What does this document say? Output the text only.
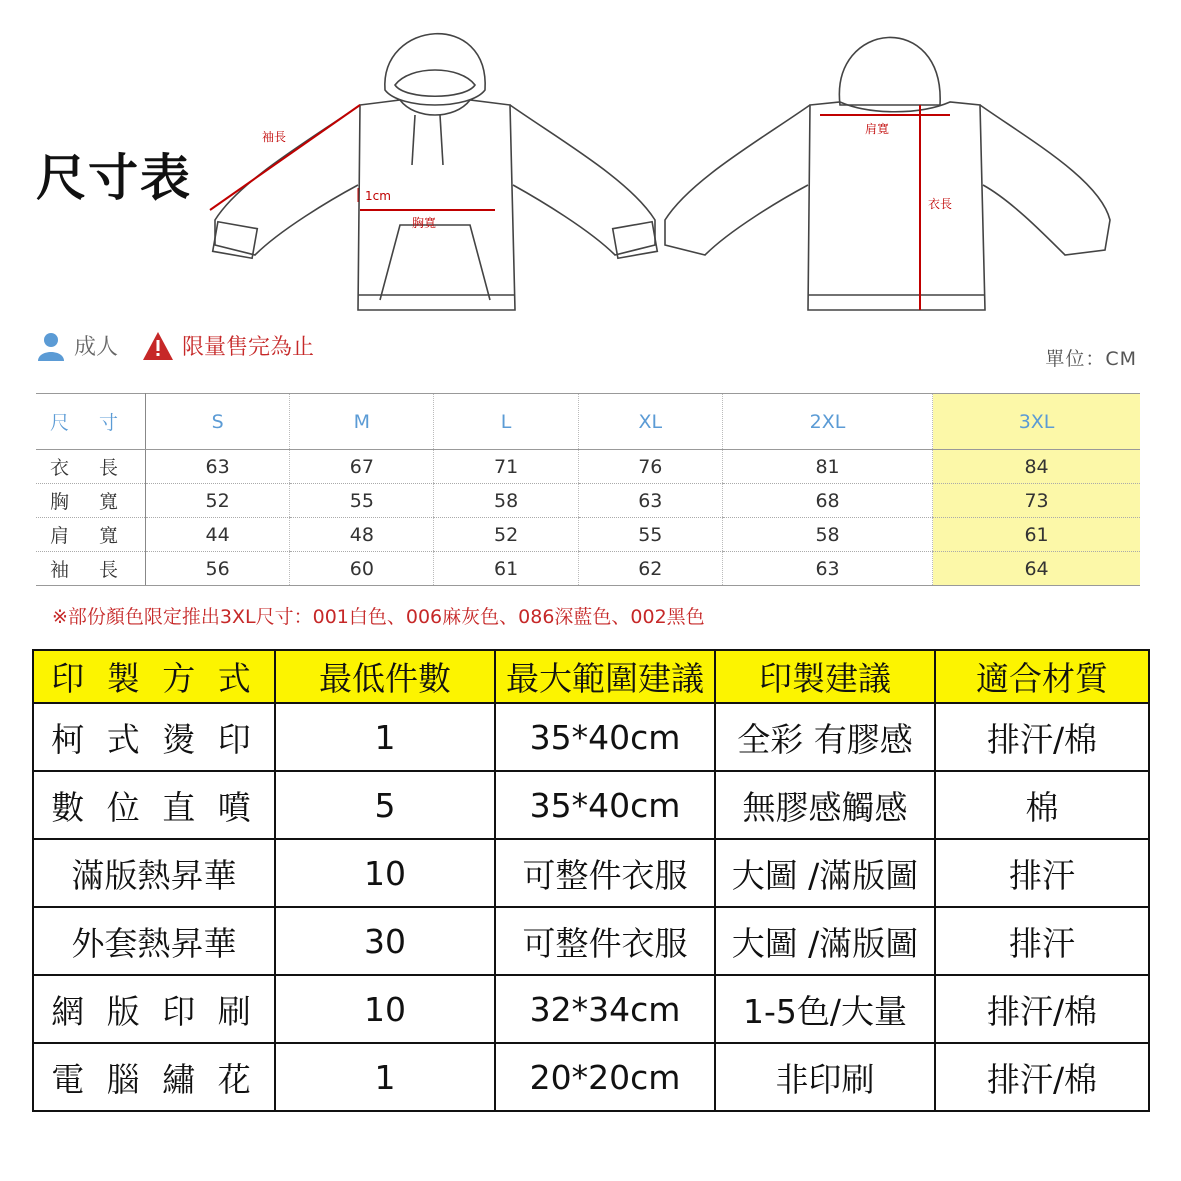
尺寸表
袖長
1cm
胸寬
肩寬
衣長
成人	限量售完為止	單位：CM
尺 寸	S	M	L	XL	2XL	3XL
衣 長	63	67	71	76	81	84
胸 寬	52	55	58	63	68	73
肩 寬	44	48	52	55	58	61
袖 長	56	60	61	62	63	64
※部份顏色限定推出3XL尺寸：001白色、006麻灰色、086深藍色、002黑色
印 製 方 式	最低件數	最大範圍建議	印製建議	適合材質
柯 式 燙 印	1	35*40cm	全彩 有膠感	排汗/棉
數 位 直 噴	5	35*40cm	無膠感觸感	棉
滿版熱昇華	10	可整件衣服	大圖 /滿版圖	排汗
外套熱昇華	30	可整件衣服	大圖 /滿版圖	排汗
網 版 印 刷	10	32*34cm	1-5色/大量	排汗/棉
電 腦 繡 花	1	20*20cm	非印刷	排汗/棉
